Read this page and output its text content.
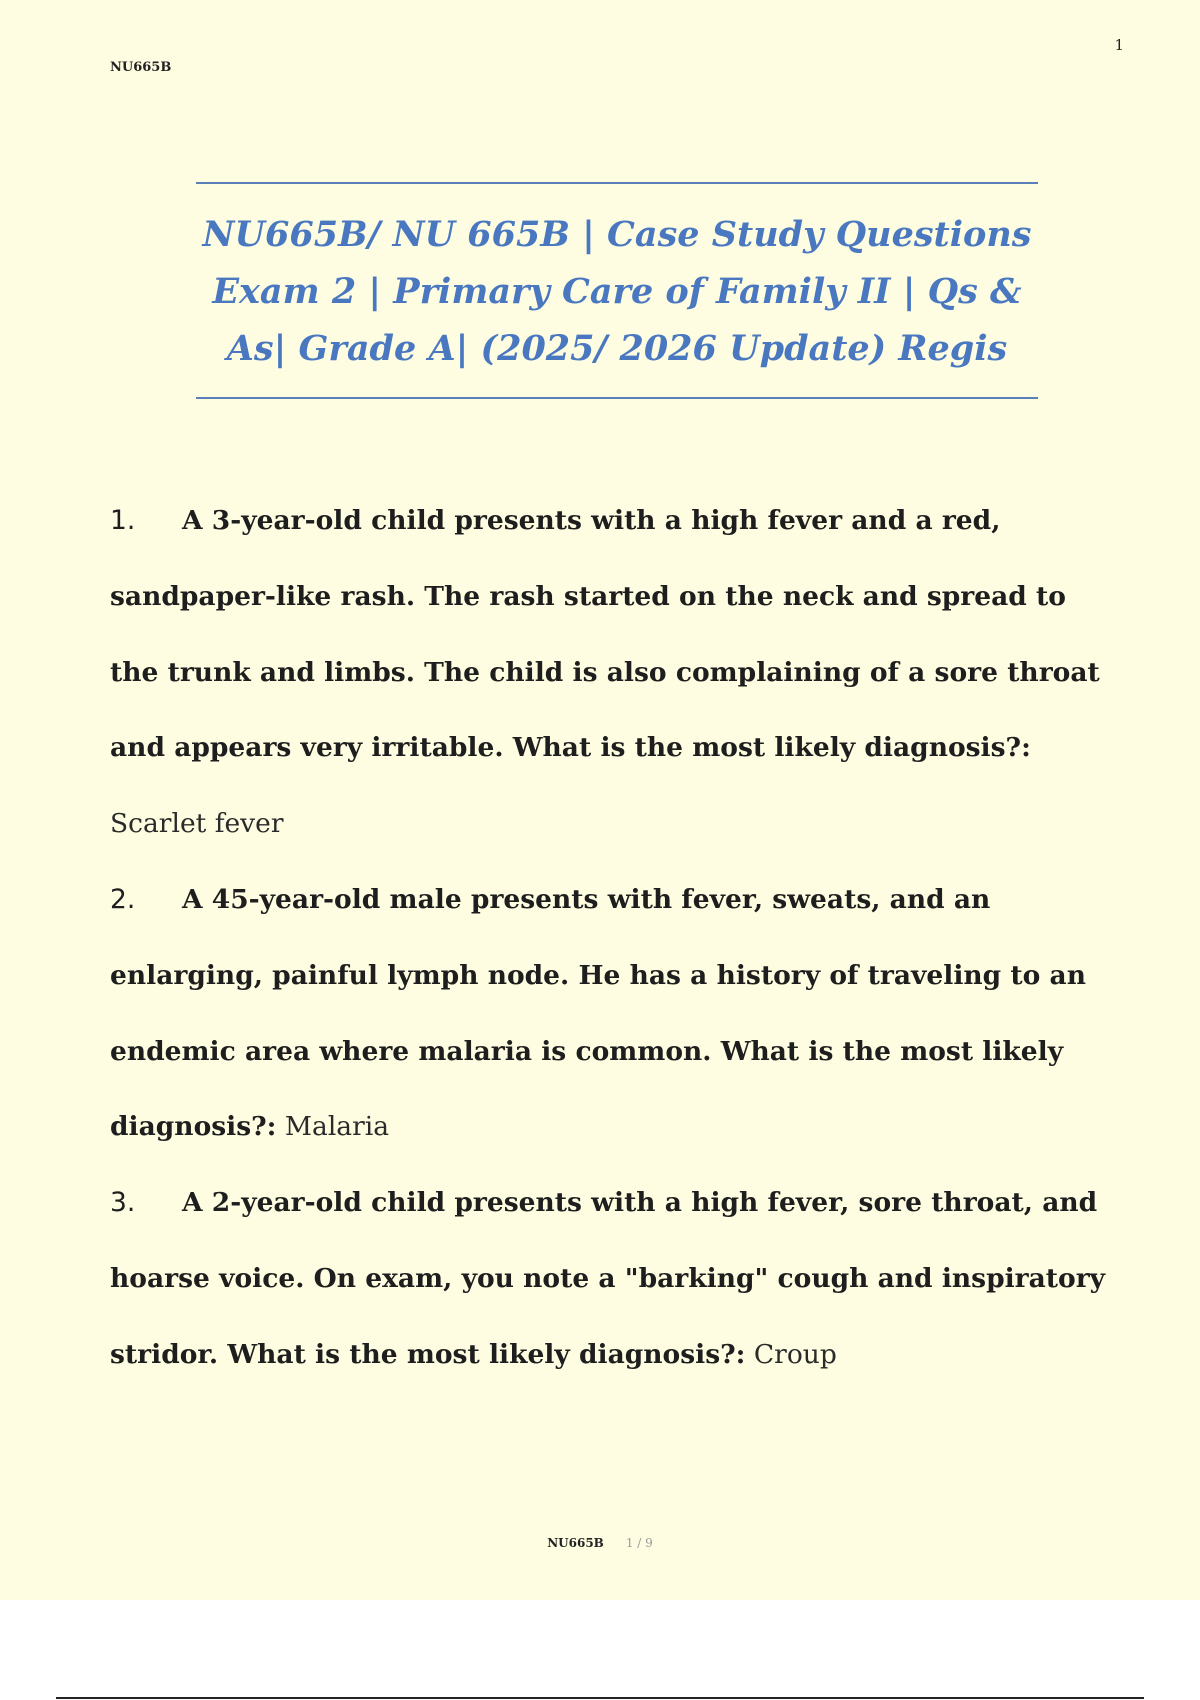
NU665B
1
NU665B/ NU 665B | Case Study Questions Exam 2 | Primary Care of Family II | Qs & As| Grade A| (2025/ 2026 Update) Regis

1. A 3-year-old child presents with a high fever and a red, sandpaper-like rash. The rash started on the neck and spread to the trunk and limbs. The child is also complaining of a sore throat and appears very irritable. What is the most likely diagnosis?: Scarlet fever

2. A 45-year-old male presents with fever, sweats, and an enlarging, painful lymph node. He has a history of traveling to an endemic area where malaria is common. What is the most likely diagnosis?: Malaria

3. A 2-year-old child presents with a high fever, sore throat, and hoarse voice. On exam, you note a "barking" cough and inspiratory stridor. What is the most likely diagnosis?: Croup

NU665B 1 / 9
